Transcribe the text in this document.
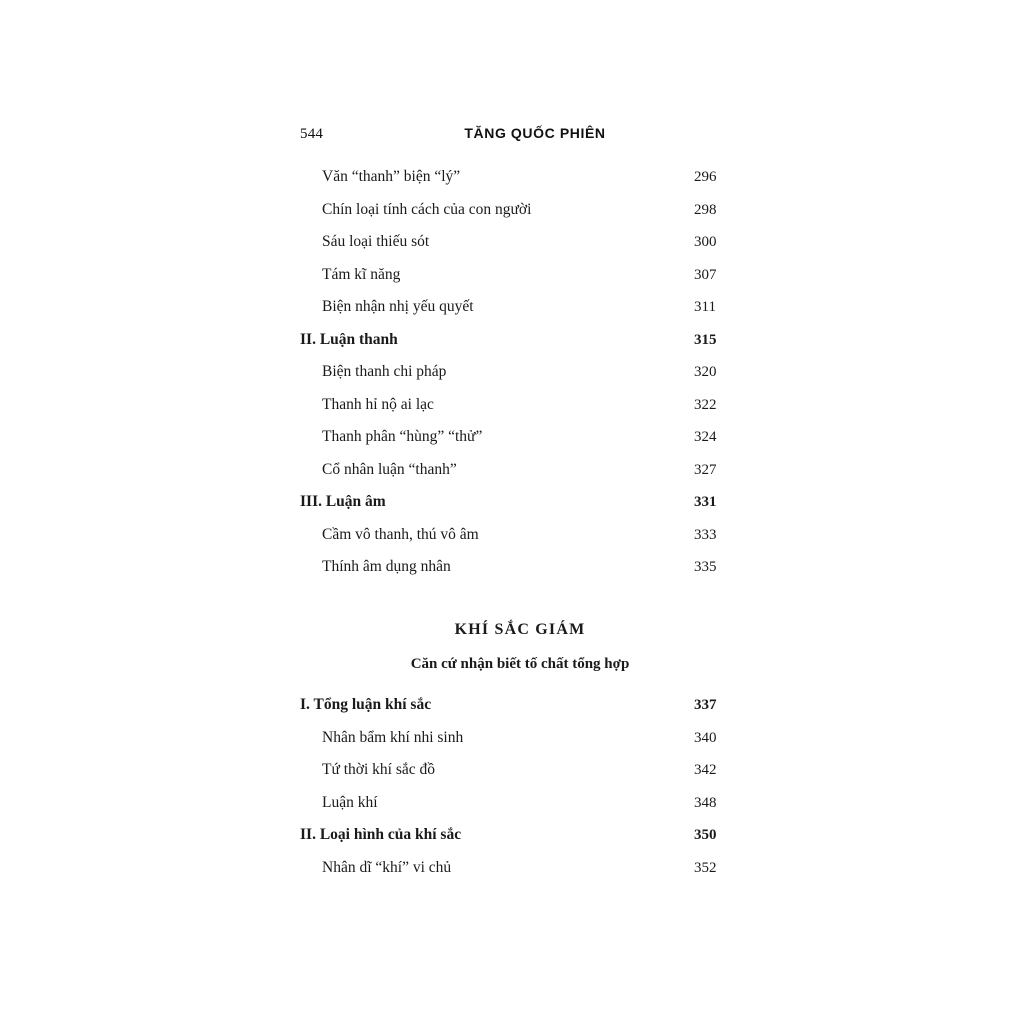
544	TĂNG QUỐC PHIÊN
Văn “thanh” biện “lý”	296
Chín loại tính cách của con người	298
Sáu loại thiếu sót	300
Tám kĩ năng	307
Biện nhận nhị yếu quyết	311
II. Luận thanh	315
Biện thanh chi pháp	320
Thanh hỉ nộ ai lạc	322
Thanh phân “hùng” “thử”	324
Cổ nhân luận “thanh”	327
III. Luận âm	331
Cầm vô thanh, thú vô âm	333
Thính âm dụng nhân	335
KHÍ SẮC GIÁM
Căn cứ nhận biết tố chất tổng hợp
I. Tổng luận khí sắc	337
Nhân bẩm khí nhi sinh	340
Tứ thời khí sắc đồ	342
Luận khí	348
II. Loại hình của khí sắc	350
Nhân dĩ “khí” vi chủ	352
